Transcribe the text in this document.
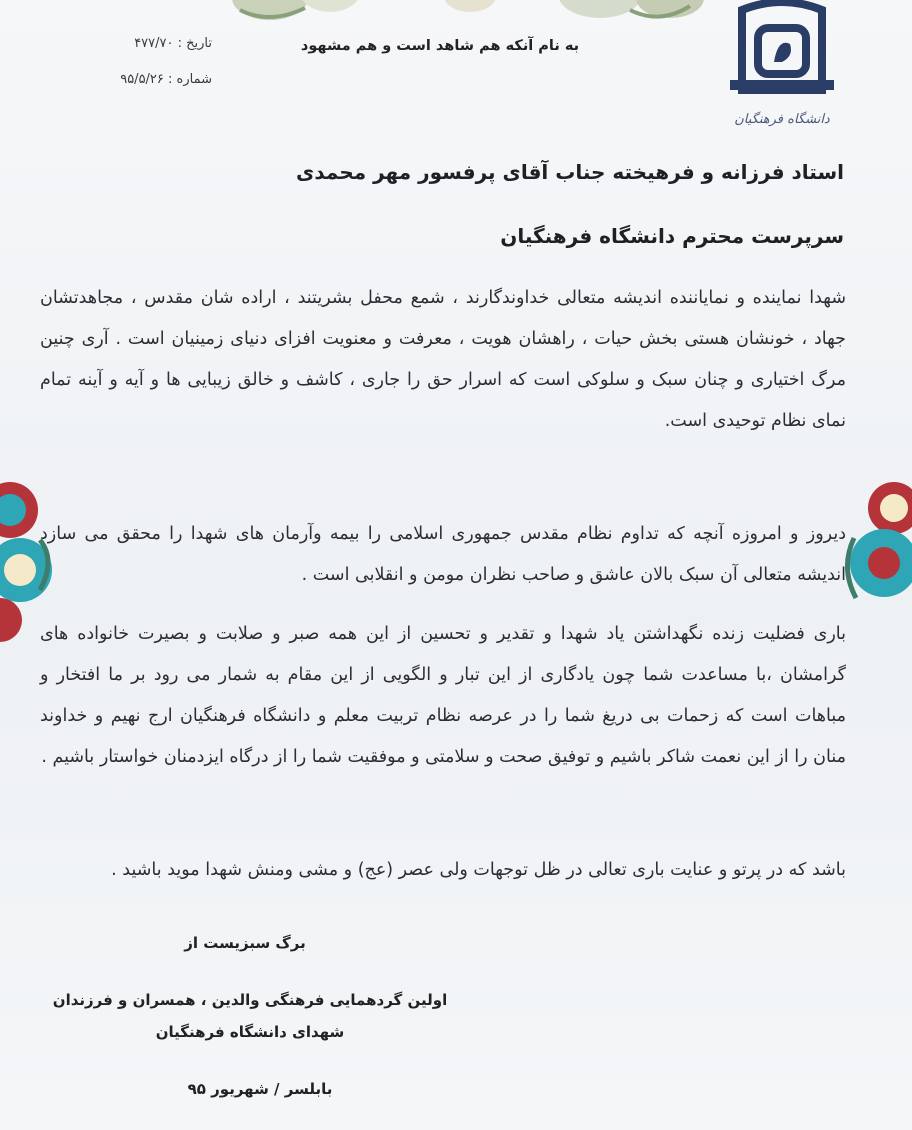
دانشگاه فرهنگیان
تاریخ : ۴۷۷/۷۰
شماره : ۹۵/۵/۲۶
به نام آنکه هم شاهد است و هم مشهود
استاد فرزانه و فرهیخته جناب آقای پرفسور مهر محمدی
سرپرست محترم دانشگاه فرهنگیان

شهدا نماینده و نمایاننده اندیشه متعالی خداوندگارند ، شمع محفل بشریتند ، اراده شان مقدس ، مجاهدتشان جهاد ، خونشان هستی بخش حیات ، راهشان هویت ، معرفت و معنویت افزای دنیای زمینیان است . آری چنین مرگ اختیاری و چنان سبک و سلوکی است که اسرار حق را جاری ، کاشف و خالق زیبایی ها و آیه و آینه تمام نمای نظام توحیدی است.

دیروز و امروزه آنچه که تداوم نظام مقدس جمهوری اسلامی را بیمه وآرمان های شهدا را محقق می سازد اندیشه متعالی آن سبک بالان عاشق و صاحب نظران مومن و انقلابی است .

باری فضلیت زنده نگهداشتن یاد شهدا و تقدیر و تحسین از این همه صبر و صلابت و بصیرت خانواده های گرامشان ،با مساعدت شما چون یادگاری از این تبار و الگویی از این مقام به شمار می رود بر ما افتخار و مباهات است که زحمات بی دریغ شما را در عرصه نظام تربیت معلم و دانشگاه فرهنگیان ارج نهیم و خداوند منان را از این نعمت شاکر باشیم و توفیق صحت و سلامتی و موفقیت شما را از درگاه ایزدمنان خواستار باشیم .

باشد که در پرتو و عنایت باری تعالی در ظل توجهات ولی عصر (عج) و مشی ومنش شهدا مويد باشید .

برگ سبزیست از
اولین گردهمایی فرهنگی والدین ، همسران و فرزندان
شهدای دانشگاه فرهنگیان
بابلسر / شهریور ۹۵
